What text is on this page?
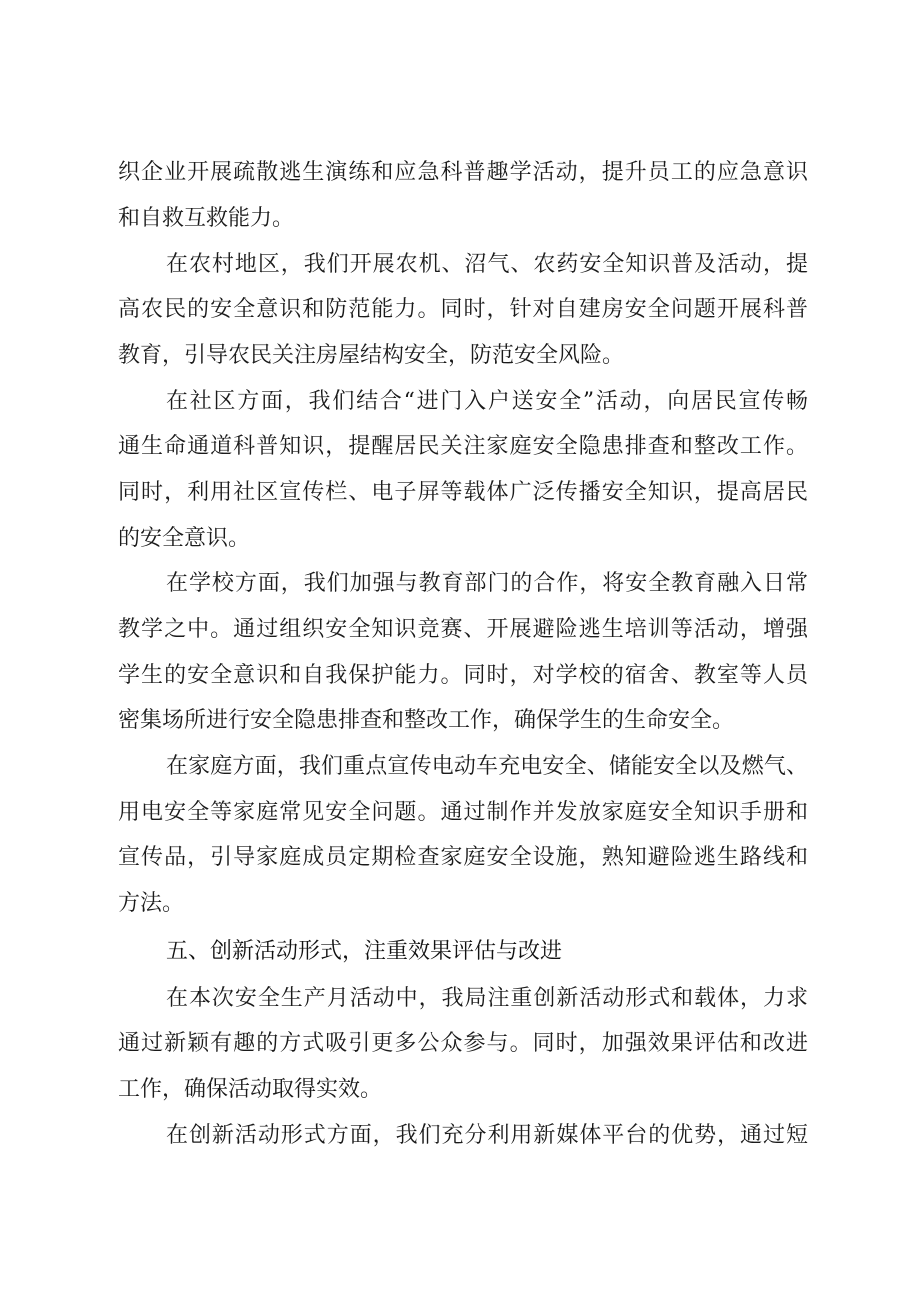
织企业开展疏散逃生演练和应急科普趣学活动，提升员工的应急意识
和自救互救能力。
在农村地区，我们开展农机、沼气、农药安全知识普及活动，提
高农民的安全意识和防范能力。同时，针对自建房安全问题开展科普
教育，引导农民关注房屋结构安全，防范安全风险。
在社区方面，我们结合“进门入户送安全”活动，向居民宣传畅
通生命通道科普知识，提醒居民关注家庭安全隐患排查和整改工作。
同时，利用社区宣传栏、电子屏等载体广泛传播安全知识，提高居民
的安全意识。
在学校方面，我们加强与教育部门的合作，将安全教育融入日常
教学之中。通过组织安全知识竞赛、开展避险逃生培训等活动，增强
学生的安全意识和自我保护能力。同时，对学校的宿舍、教室等人员
密集场所进行安全隐患排查和整改工作，确保学生的生命安全。
在家庭方面，我们重点宣传电动车充电安全、储能安全以及燃气、
用电安全等家庭常见安全问题。通过制作并发放家庭安全知识手册和
宣传品，引导家庭成员定期检查家庭安全设施，熟知避险逃生路线和
方法。
五、创新活动形式，注重效果评估与改进
在本次安全生产月活动中，我局注重创新活动形式和载体，力求
通过新颖有趣的方式吸引更多公众参与。同时，加强效果评估和改进
工作，确保活动取得实效。
在创新活动形式方面，我们充分利用新媒体平台的优势，通过短
